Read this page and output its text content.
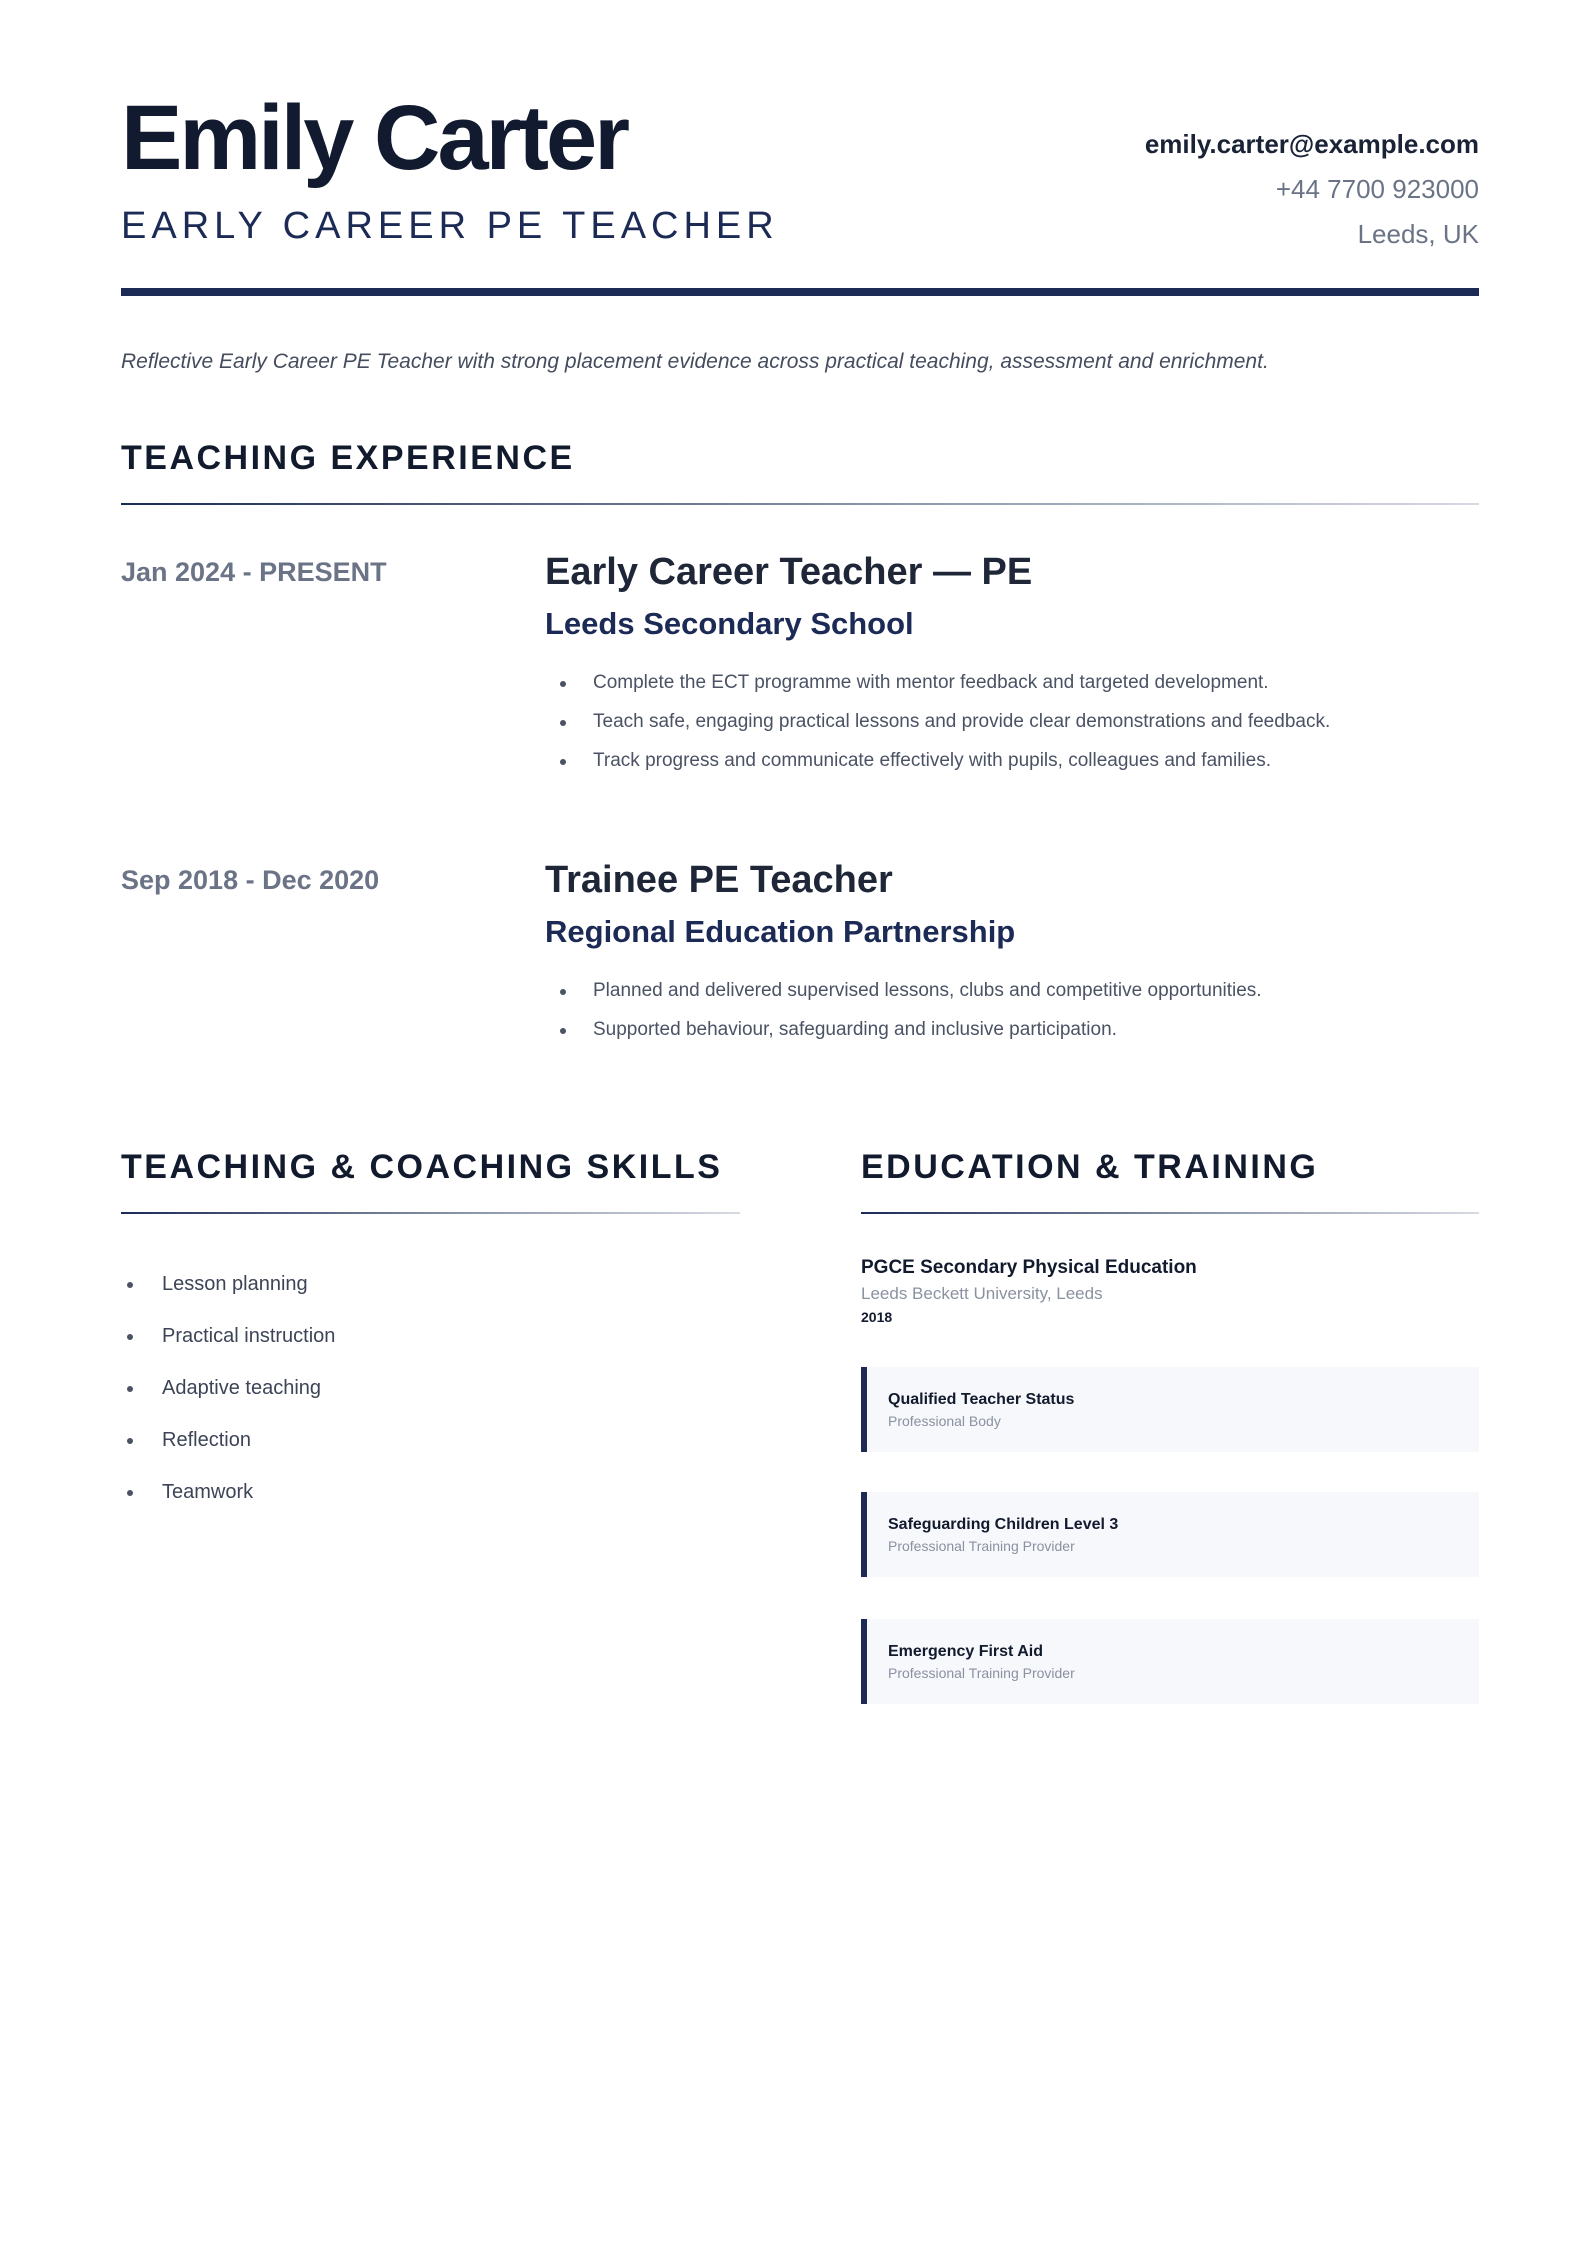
Emily Carter
EARLY CAREER PE TEACHER
emily.carter@example.com
+44 7700 923000
Leeds, UK
Reflective Early Career PE Teacher with strong placement evidence across practical teaching, assessment and enrichment.
TEACHING EXPERIENCE
Jan 2024 - PRESENT	Early Career Teacher — PE
Leeds Secondary School
Complete the ECT programme with mentor feedback and targeted development.
Teach safe, engaging practical lessons and provide clear demonstrations and feedback.
Track progress and communicate effectively with pupils, colleagues and families.
Sep 2018 - Dec 2020	Trainee PE Teacher
Regional Education Partnership
Planned and delivered supervised lessons, clubs and competitive opportunities.
Supported behaviour, safeguarding and inclusive participation.
TEACHING & COACHING SKILLS
Lesson planning
Practical instruction
Adaptive teaching
Reflection
Teamwork
EDUCATION & TRAINING
PGCE Secondary Physical Education
Leeds Beckett University, Leeds
2018
Qualified Teacher Status
Professional Body
Safeguarding Children Level 3
Professional Training Provider
Emergency First Aid
Professional Training Provider
